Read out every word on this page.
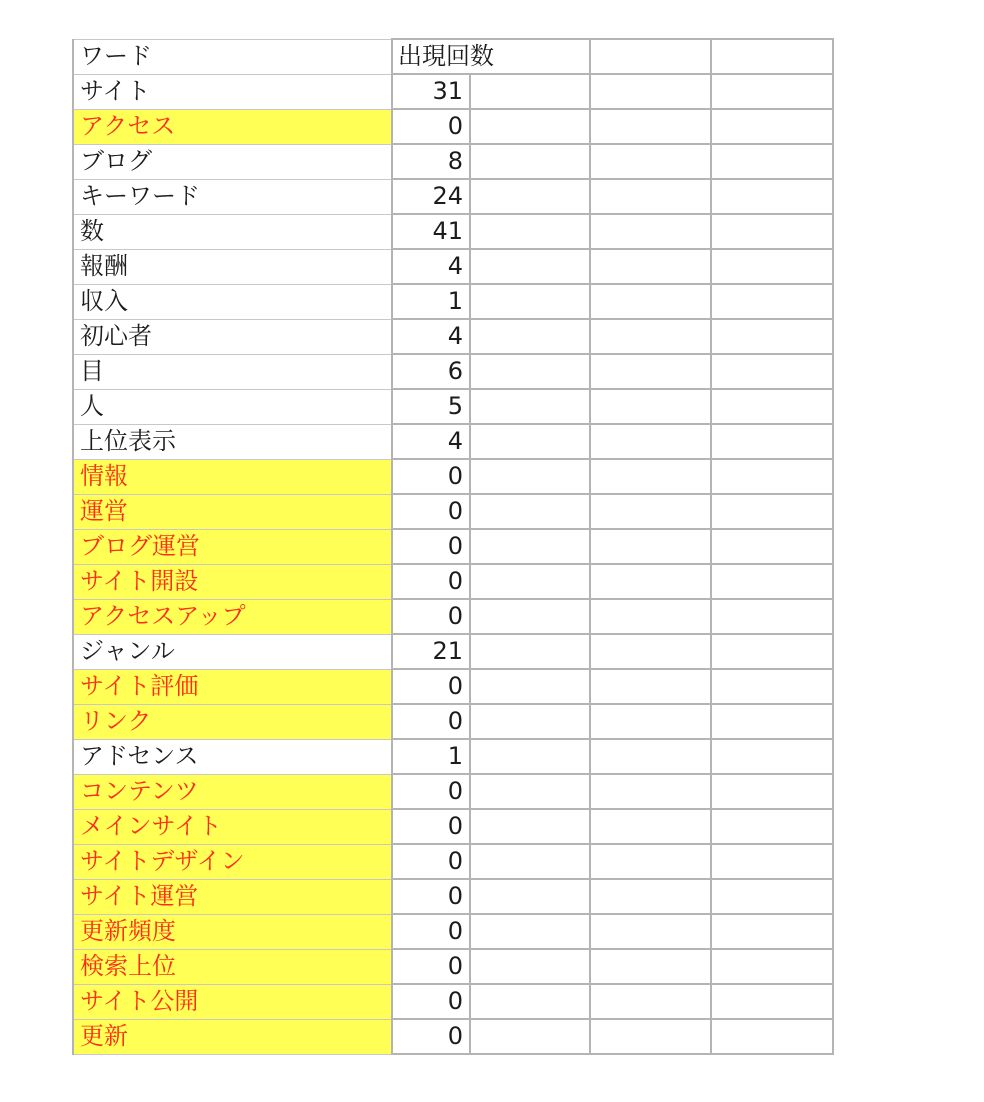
ワード	出現回数			
サイト	31			
アクセス	0			
ブログ	8			
キーワード	24			
数	41			
報酬	4			
収入	1			
初心者	4			
目	6			
人	5			
上位表示	4			
情報	0			
運営	0			
ブログ運営	0			
サイト開設	0			
アクセスアップ	0			
ジャンル	21			
サイト評価	0			
リンク	0			
アドセンス	1			
コンテンツ	0			
メインサイト	0			
サイトデザイン	0			
サイト運営	0			
更新頻度	0			
検索上位	0			
サイト公開	0			
更新	0			
